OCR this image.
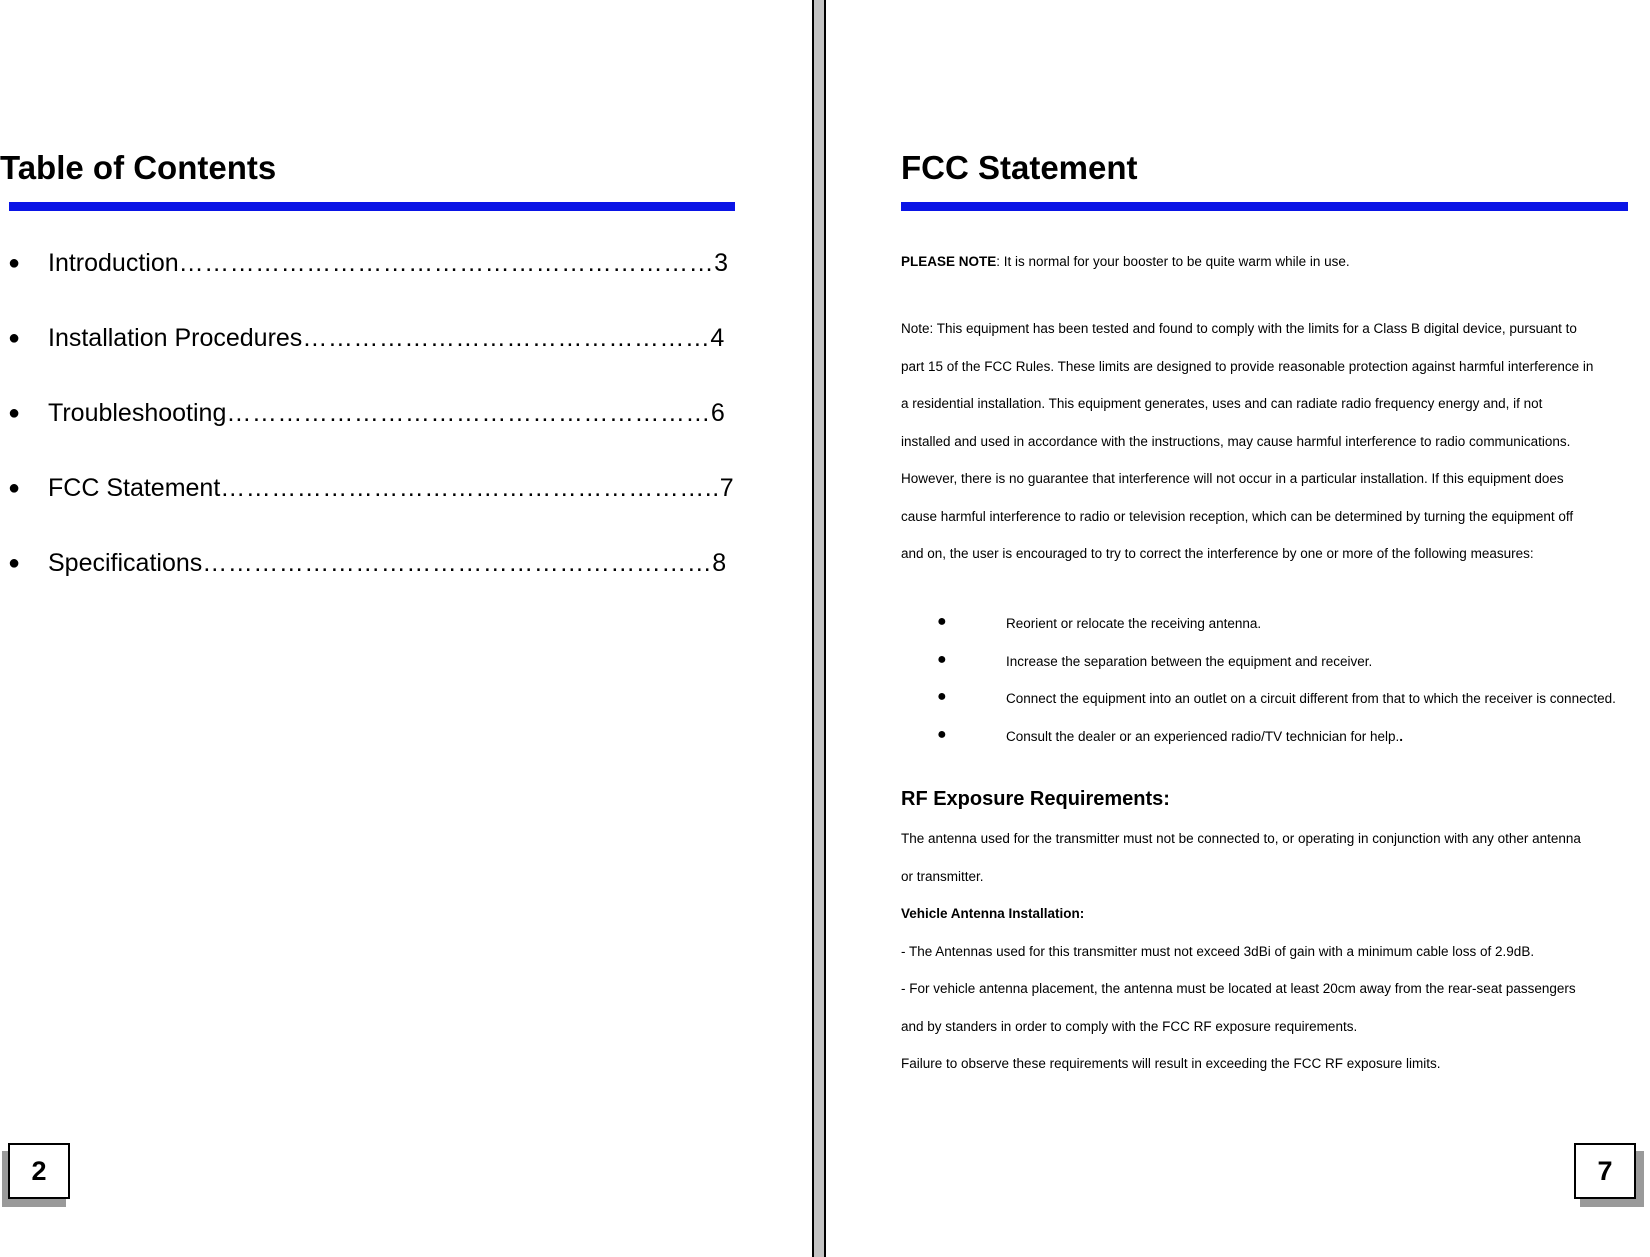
Table of Contents
● Introduction ……………………………………………………… 3
● Installation Procedures ………………………………………… 4
● Troubleshooting ………………………………………………… 6
● FCC Statement ………………………………………………….. 7
● Specifications …………………………………………………… 8
2
FCC Statement
PLEASE NOTE: It is normal for your booster to be quite warm while in use.
Note: This equipment has been tested and found to comply with the limits for a Class B digital device, pursuant to
part 15 of the FCC Rules. These limits are designed to provide reasonable protection against harmful interference in
a residential installation. This equipment generates, uses and can radiate radio frequency energy and, if not
installed and used in accordance with the instructions, may cause harmful interference to radio communications.
However, there is no guarantee that interference will not occur in a particular installation. If this equipment does
cause harmful interference to radio or television reception, which can be determined by turning the equipment off
and on, the user is encouraged to try to correct the interference by one or more of the following measures:
●	Reorient or relocate the receiving antenna.
●	Increase the separation between the equipment and receiver.
●	Connect the equipment into an outlet on a circuit different from that to which the receiver is connected.
●	Consult the dealer or an experienced radio/TV technician for help..
RF Exposure Requirements:
The antenna used for the transmitter must not be connected to, or operating in conjunction with any other antenna
or transmitter.
Vehicle Antenna Installation:
- The Antennas used for this transmitter must not exceed 3dBi of gain with a minimum cable loss of 2.9dB.
- For vehicle antenna placement, the antenna must be located at least 20cm away from the rear-seat passengers
and by standers in order to comply with the FCC RF exposure requirements.
Failure to observe these requirements will result in exceeding the FCC RF exposure limits.
7
